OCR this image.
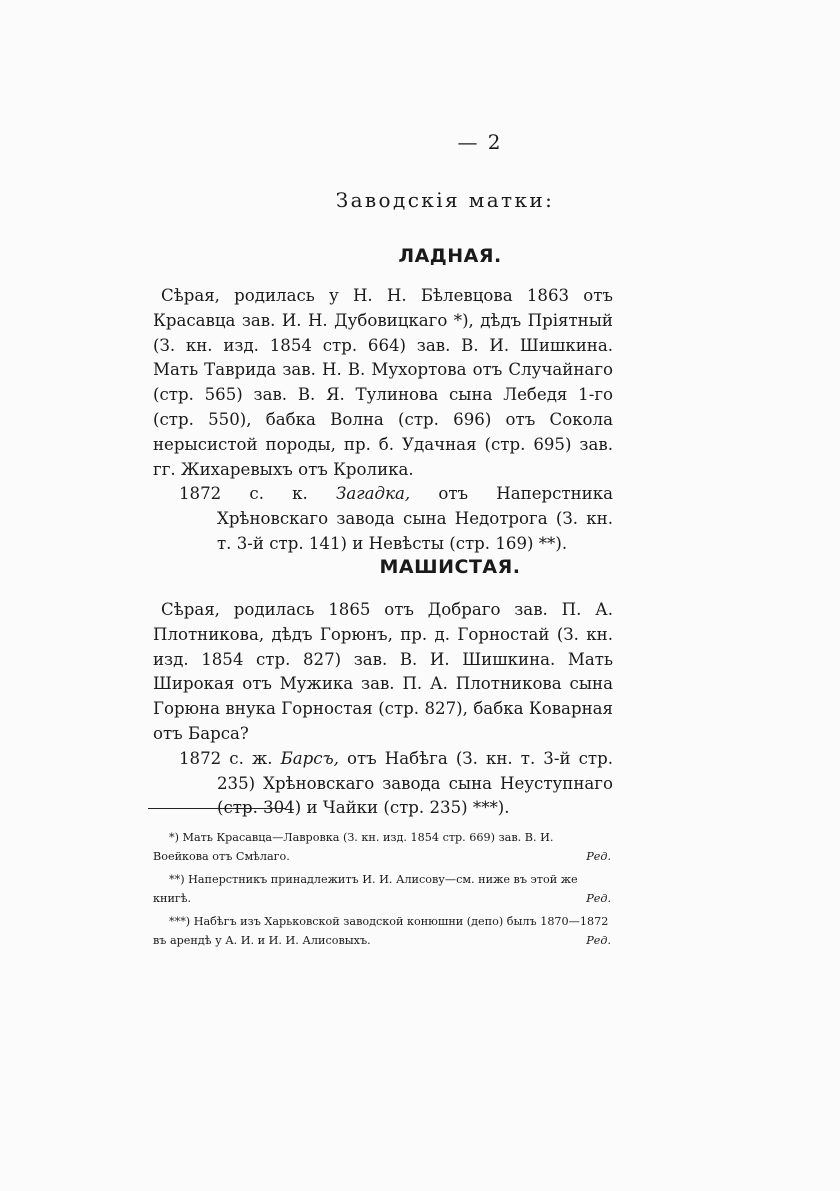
— 2
Заводскія матки:
ЛАДНАЯ.

Сѣрая, родилась у Н. Н. Бѣлевцова 1863 отъ Красавца зав. И. Н. Дубовицкаго *), дѣдъ Пріятный (З. кн. изд. 1854 стр. 664) зав. В. И. Шишкина. Мать Таврида зав. Н. В. Мухортова отъ Случайнаго (стр. 565) зав. В. Я. Тулинова сына Лебедя 1-го (стр. 550), бабка Волна (стр. 696) отъ Сокола нерысистой породы, пр. б. Удачная (стр. 695) зав. гг. Жихаревыхъ отъ Кролика.

1872 с. к. Загадка, отъ Наперстника Хрѣновскаго завода сына Недотрога (З. кн. т. 3-й стр. 141) и Невѣсты (стр. 169) **).

МАШИСТАЯ.

Сѣрая, родилась 1865 отъ Добраго зав. П. А. Плотникова, дѣдъ Горюнъ, пр. д. Горностай (З. кн. изд. 1854 стр. 827) зав. В. И. Шишкина. Мать Широкая отъ Мужика зав. П. А. Плотникова сына Горюна внука Горностая (стр. 827), бабка Коварная отъ Барса?

1872 с. ж. Барсъ, отъ Набѣга (З. кн. т. 3-й стр. 235) Хрѣновскаго завода сына Неуступнаго (стр. 304) и Чайки (стр. 235) ***).

*) Мать Красавца—Лавровка (З. кн. изд. 1854 стр. 669) зав. В. И. Воейкова отъ Смѣлаго.	Ред.

**) Наперстникъ принадлежитъ И. И. Алисову—см. ниже въ этой же книгѣ.	Ред.

***) Набѣгъ изъ Харьковской заводской конюшни (депо) былъ 1870—1872 въ арендѣ у А. И. и И. И. Алисовыхъ.	Ред.
